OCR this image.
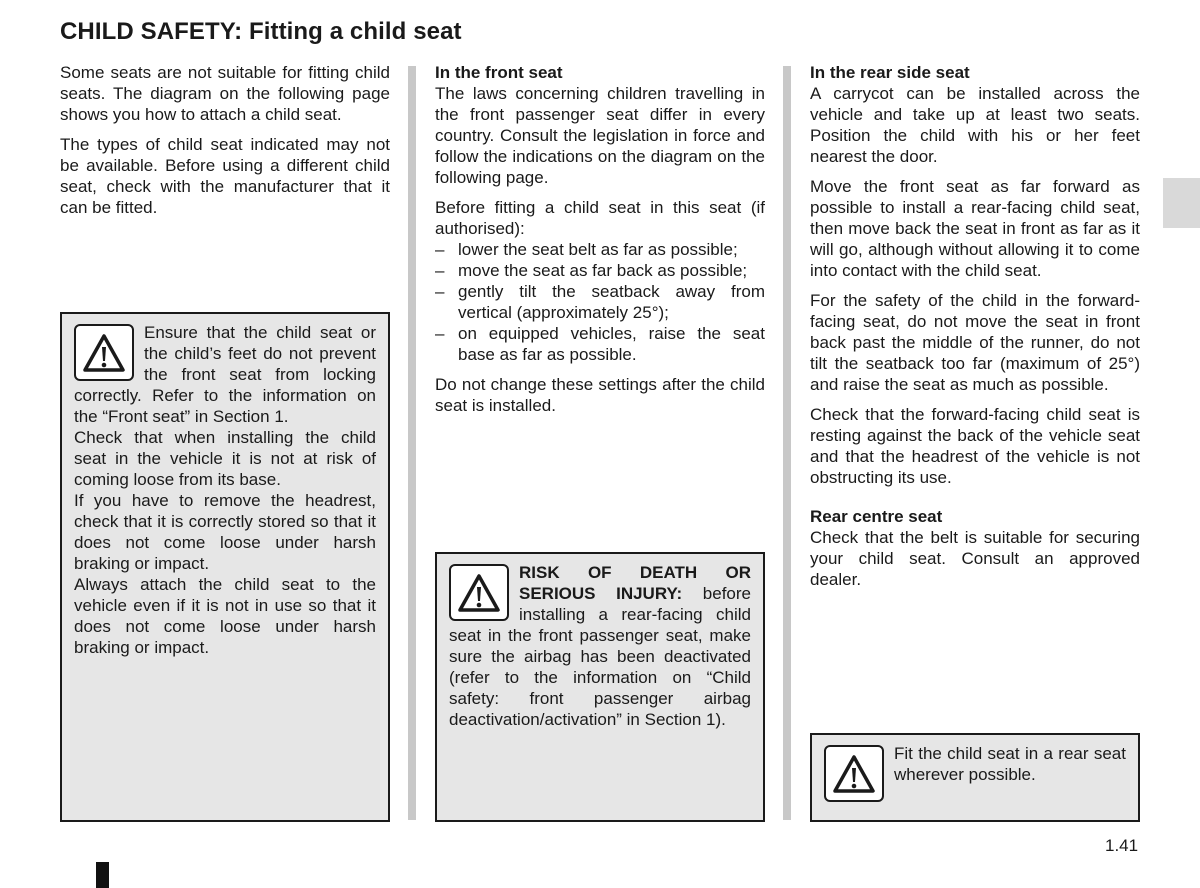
CHILD SAFETY: Fitting a child seat

Some seats are not suitable for fitting child seats. The diagram on the following page shows you how to attach a child seat.

The types of child seat indicated may not be available. Before using a different child seat, check with the manufacturer that it can be fitted.

Ensure that the child seat or the child’s feet do not prevent the front seat from locking correctly. Refer to the information on the “Front seat” in Section 1.

Check that when installing the child seat in the vehicle it is not at risk of coming loose from its base.

If you have to remove the headrest, check that it is correctly stored so that it does not come loose under harsh braking or impact.

Always attach the child seat to the vehicle even if it is not in use so that it does not come loose under harsh braking or impact.

In the front seat
The laws concerning children travelling in the front passenger seat differ in every country. Consult the legislation in force and follow the indications on the diagram on the following page.

Before fitting a child seat in this seat (if authorised):

– lower the seat belt as far as possible;
– move the seat as far back as possible;
– gently tilt the seatback away from vertical (approximately 25°);
– on equipped vehicles, raise the seat base as far as possible.

Do not change these settings after the child seat is installed.

RISK OF DEATH OR SERIOUS INJURY: before installing a rear-facing child seat in the front passenger seat, make sure the airbag has been deactivated (refer to the information on “Child safety: front passenger airbag deactivation/activation” in Section 1).

In the rear side seat
A carrycot can be installed across the vehicle and take up at least two seats. Position the child with his or her feet nearest the door.

Move the front seat as far forward as possible to install a rear-facing child seat, then move back the seat in front as far as it will go, although without allowing it to come into contact with the child seat.

For the safety of the child in the forward-facing seat, do not move the seat in front back past the middle of the runner, do not tilt the seatback too far (maximum of 25°) and raise the seat as much as possible.

Check that the forward-facing child seat is resting against the back of the vehicle seat and that the headrest of the vehicle is not obstructing its use.

Rear centre seat
Check that the belt is suitable for securing your child seat. Consult an approved dealer.

Fit the child seat in a rear seat wherever possible.

1.41
